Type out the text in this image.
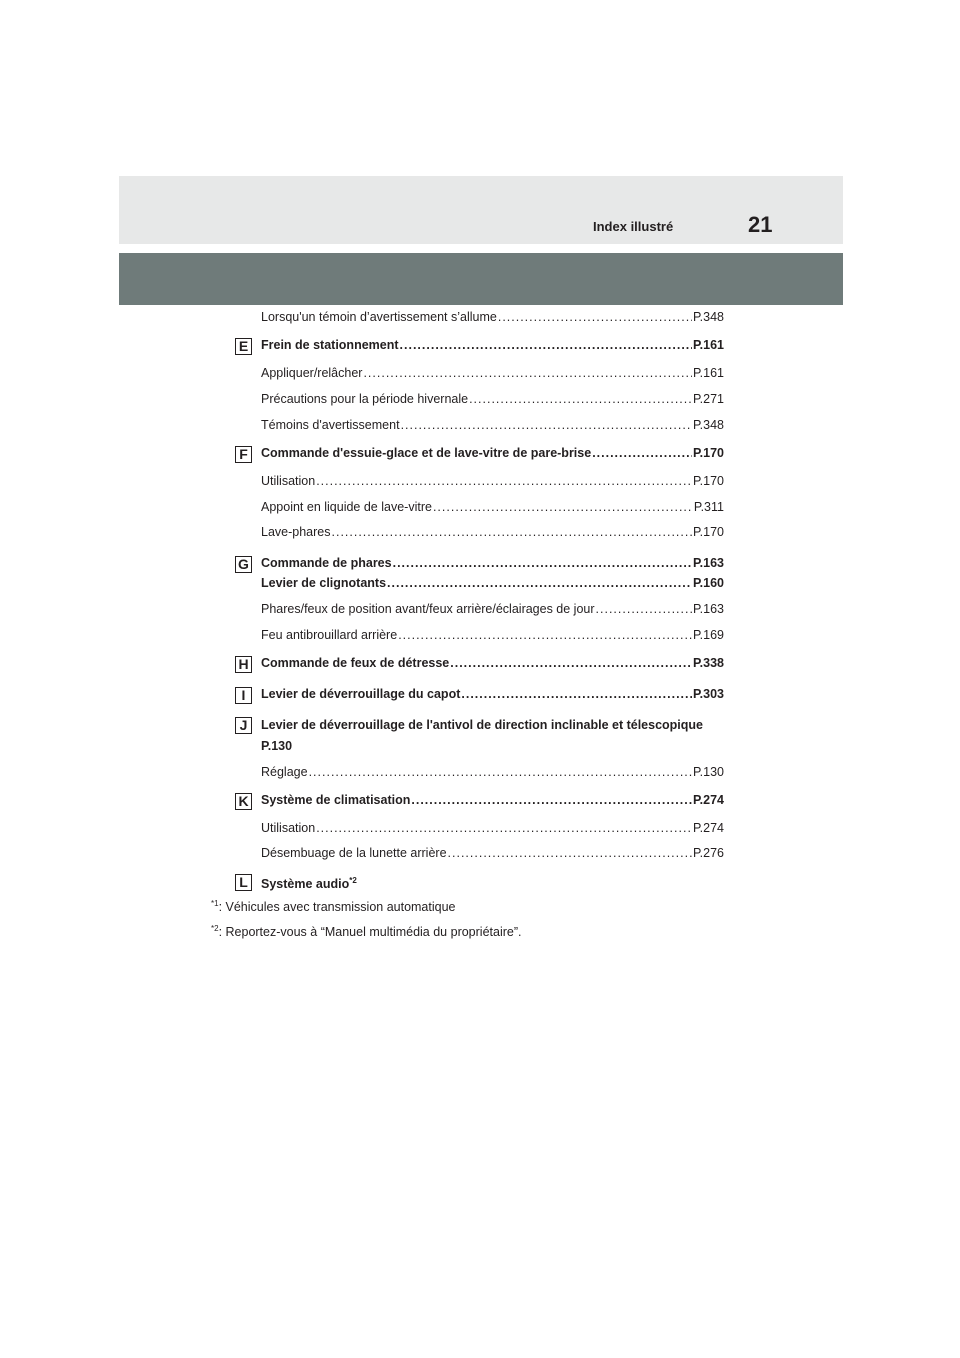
Index illustré	21
Lorsqu'un témoin d’avertissement s’allume .....	P.348
E	Frein de stationnement .....	P.161
Appliquer/relâcher .....	P.161
Précautions pour la période hivernale .....	P.271
Témoins d'avertissement .....	P.348
F	Commande d'essuie-glace et de lave-vitre de pare-brise .....	P.170
Utilisation .....	P.170
Appoint en liquide de lave-vitre .....	P.311
Lave-phares .....	P.170
G Commande de phares .....	P.163
Levier de clignotants .....	P.160
Phares/feux de position avant/feux arrière/éclairages de jour .....	P.163
Feu antibrouillard arrière .....	P.169
H Commande de feux de détresse .....	P.338
I	Levier de déverrouillage du capot .....	P.303
J	Levier de déverrouillage de l'antivol de direction inclinable et télescopique
P.130
Réglage .....	P.130
K Système de climatisation .....	P.274
Utilisation .....	P.274
Désembuage de la lunette arrière .....	P.276
L	Système audio$^{*2}$
$^{*1}$: Véhicules avec transmission automatique
$^{*2}$: Reportez-vous à “Manuel multimédia du propriétaire”.
